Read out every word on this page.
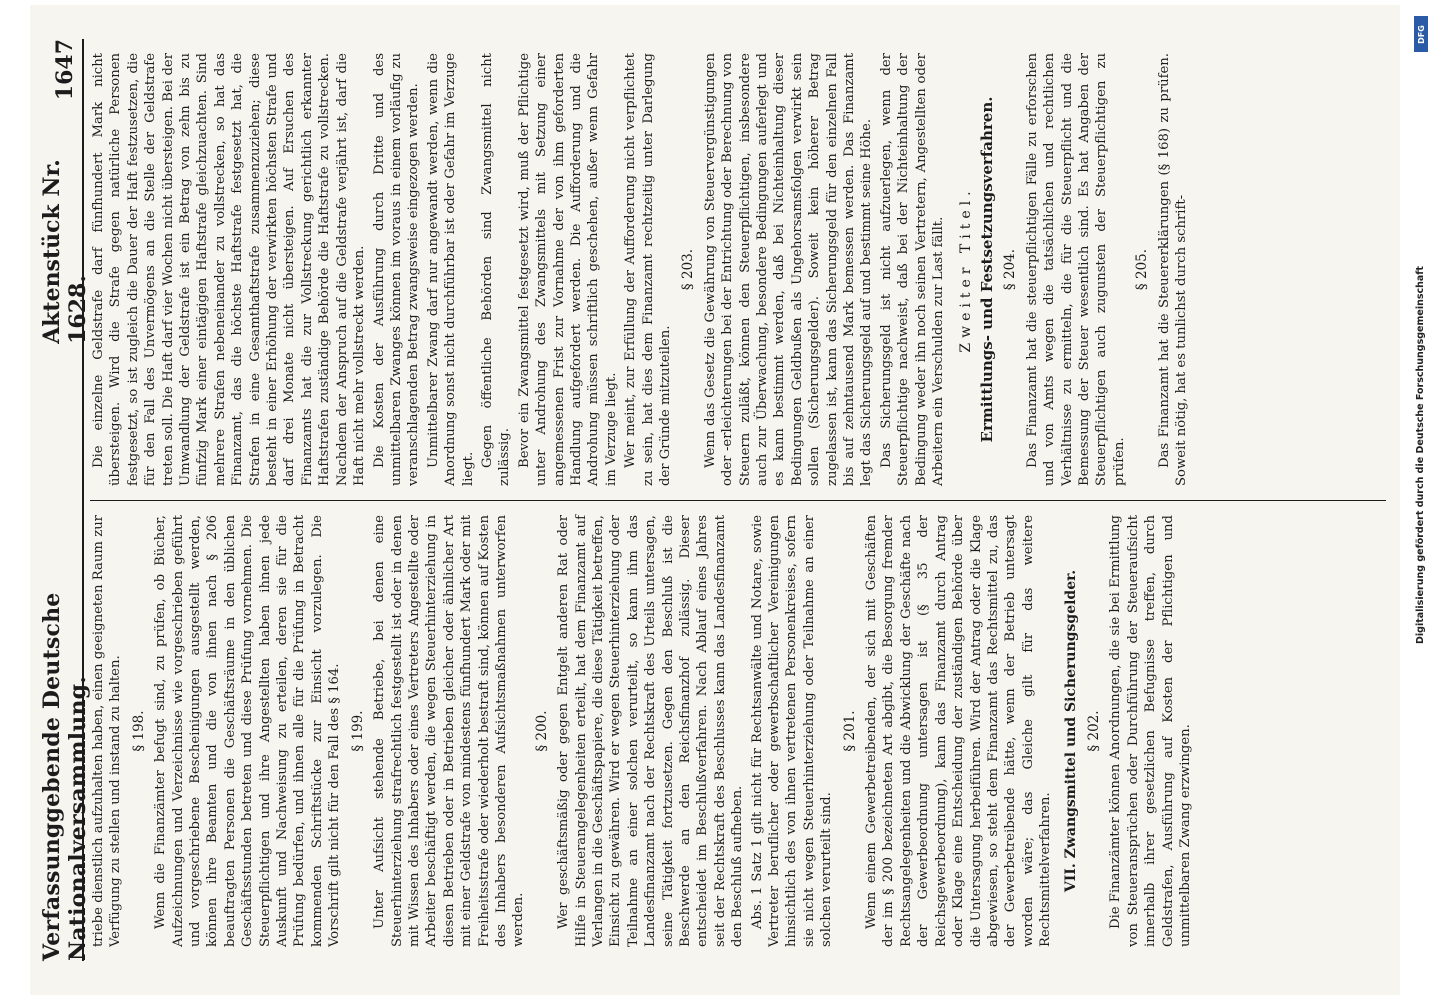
Verfassunggebende Deutsche Nationalversammlung.
Aktenstück Nr. 1628.
1647

triebe dienstlich aufzuhalten haben, einen geeigneten Raum zur Verfügung zu stellen und instand zu halten. § 198. Wenn die Finanzämter befugt sind, zu prüfen, ob Bücher, Aufzeichnungen und Verzeichnisse wie vorgeschrieben geführt und vorgeschriebene Bescheinigungen ausgestellt werden, können ihre Beamten und die von ihnen nach § 206 beauftragten Personen die Geschäftsräume in den üblichen Geschäftsstunden betreten und diese Prüfung vornehmen. Die Steuerpflichtigen und ihre Angestellten haben ihnen jede Auskunft und Nachweisung zu erteilen, deren sie für die Prüfung bedürfen, und ihnen alle für die Prüfung in Betracht kommenden Schriftstücke zur Einsicht vorzulegen. Die Vorschrift gilt nicht für den Fall des § 164. § 199. Unter Aufsicht stehende Betriebe, bei denen eine Steuerhinterziehung strafrechtlich festgestellt ist oder in denen mit Wissen des Inhabers oder eines Vertreters Angestellte oder Arbeiter beschäftigt werden, die wegen Steuerhinterziehung in diesen Betrieben oder in Betrieben gleicher oder ähnlicher Art mit einer Geldstrafe von mindestens fünfhundert Mark oder mit Freiheitsstrafe oder wiederholt bestraft sind, können auf Kosten des Inhabers besonderen Aufsichtsmaßnahmen unterworfen werden.

§ 200. Wer geschäftsmäßig oder gegen Entgelt anderen Rat oder Hilfe in Steuerangelegenheiten erteilt, hat dem Finanzamt auf Verlangen in die Geschäftspapiere, die diese Tätigkeit betreffen, Einsicht zu gewähren. Wird er wegen Steuerhinterziehung oder Teilnahme an einer solchen verurteilt, so kann ihm das Landesfinanzamt nach der Rechtskraft des Urteils untersagen, seine Tätigkeit fortzusetzen. Gegen den Beschluß ist die Beschwerde an den Reichsfinanzhof zulässig. Dieser entscheidet im Beschlußverfahren. Nach Ablauf eines Jahres seit der Rechtskraft des Beschlusses kann das Landesfinanzamt den Beschluß aufheben. Abs. 1 Satz 1 gilt nicht für Rechtsanwälte und Notare, sowie Vertreter beruflicher oder gewerbschaftlicher Vereinigungen hinsichtlich des von ihnen vertretenen Personenkreises, sofern sie nicht wegen Steuerhinterziehung oder Teilnahme an einer solchen verurteilt sind.

§ 201. Wenn einem Gewerbetreibenden, der sich mit Geschäften der im § 200 bezeichneten Art abgibt, die Besorgung fremder Rechtsangelegenheiten und die Abwicklung der Geschäfte nach der Gewerbeordnung untersagen ist (§ 35 der Reichsgewerbeordnung), kann das Finanzamt durch Antrag oder Klage eine Entscheidung der zuständigen Behörde über die Untersagung herbeiführen. Wird der Antrag oder die Klage abgewiesen, so steht dem Finanzamt das Rechtsmittel zu, das der Gewerbetreibende hätte, wenn der Betrieb untersagt worden wäre; das Gleiche gilt für das weitere Rechtsmittelverfahren. VII. Zwangsmittel und Sicherungsgelder. § 202. Die Finanzämter können Anordnungen, die sie bei Ermittlung von Steueransprüchen oder Durchführung der Steueraufsicht innerhalb ihrer gesetzlichen Befugnisse treffen, durch Geldstrafen, Ausführung auf Kosten der Pflichtigen und unmittelbaren Zwang erzwingen.

Die einzelne Geldstrafe darf fünfhundert Mark nicht übersteigen. Wird die Strafe gegen natürliche Personen festgesetzt, so ist zugleich die Dauer der Haft festzusetzen, die für den Fall des Unvermögens an die Stelle der Geldstrafe treten soll. Die Haft darf vier Wochen nicht übersteigen. Bei der Umwandlung der Geldstrafe ist ein Betrag von zehn bis zu fünfzig Mark einer eintägigen Haftstrafe gleichzuachten. Sind mehrere Strafen nebeneinander zu vollstrecken, so hat das Finanzamt, das die höchste Haftstrafe festgesetzt hat, die Strafen in eine Gesamthaftstrafe zusammenzuziehen; diese besteht in einer Erhöhung der verwirkten höchsten Strafe und darf drei Monate nicht übersteigen. Auf Ersuchen des Finanzamts hat die zur Vollstreckung gerichtlich erkannter Haftstrafen zuständige Behörde die Haftstrafe zu vollstrecken. Nachdem der Anspruch auf die Geldstrafe verjährt ist, darf die Haft nicht mehr vollstreckt werden. Die Kosten der Ausführung durch Dritte und des unmittelbaren Zwanges können im voraus in einem vorläufig zu veranschlagenden Betrag zwangsweise eingezogen werden. Unmittelbarer Zwang darf nur angewandt werden, wenn die Anordnung sonst nicht durchführbar ist oder Gefahr im Verzuge liegt.

Gegen öffentliche Behörden sind Zwangsmittel nicht zulässig. Bevor ein Zwangsmittel festgesetzt wird, muß der Pflichtige unter Androhung des Zwangsmittels mit Setzung einer angemessenen Frist zur Vornahme der von ihm geforderten Handlung aufgefordert werden. Die Aufforderung und die Androhung müssen schriftlich geschehen, außer wenn Gefahr im Verzuge liegt. Wer meint, zur Erfüllung der Aufforderung nicht verpflichtet zu sein, hat dies dem Finanzamt rechtzeitig unter Darlegung der Gründe mitzuteilen.

§ 203. Wenn das Gesetz die Gewährung von Steuervergünstigungen oder -erleichterungen bei der Entrichtung oder Berechnung von Steuern zuläßt, können den Steuerpflichtigen, insbesondere auch zur Überwachung, besondere Bedingungen auferlegt und es kann bestimmt werden, daß bei Nichteinhaltung dieser Bedingungen Geldbußen als Ungehorsamsfolgen verwirkt sein sollen (Sicherungsgelder). Soweit kein höherer Betrag zugelassen ist, kann das Sicherungsgeld für den einzelnen Fall bis auf zehntausend Mark bemessen werden. Das Finanzamt legt das Sicherungsgeld auf und bestimmt seine Höhe. Das Sicherungsgeld ist nicht aufzuerlegen, wenn der Steuerpflichtige nachweist, daß bei der Nichteinhaltung der Bedingung weder ihn noch seinen Vertretern, Angestellten oder Arbeitern ein Verschulden zur Last fällt. Zweiter Titel. Ermittlungs- und Festsetzungsverfahren. § 204. Das Finanzamt hat die steuerpflichtigen Fälle zu erforschen und von Amts wegen die tatsächlichen und rechtlichen Verhältnisse zu ermitteln, die für die Steuerpflicht und die Bemessung der Steuer wesentlich sind. Es hat Angaben der Steuerpflichtigen auch zugunsten der Steuerpflichtigen zu prüfen.

§ 205. Das Finanzamt hat die Steuererklärungen (§ 168) zu prüfen. Soweit nötig, hat es tunlichst durch schrift-

DFG
Digitalisierung gefördert durch die Deutsche Forschungsgemeinschaft
